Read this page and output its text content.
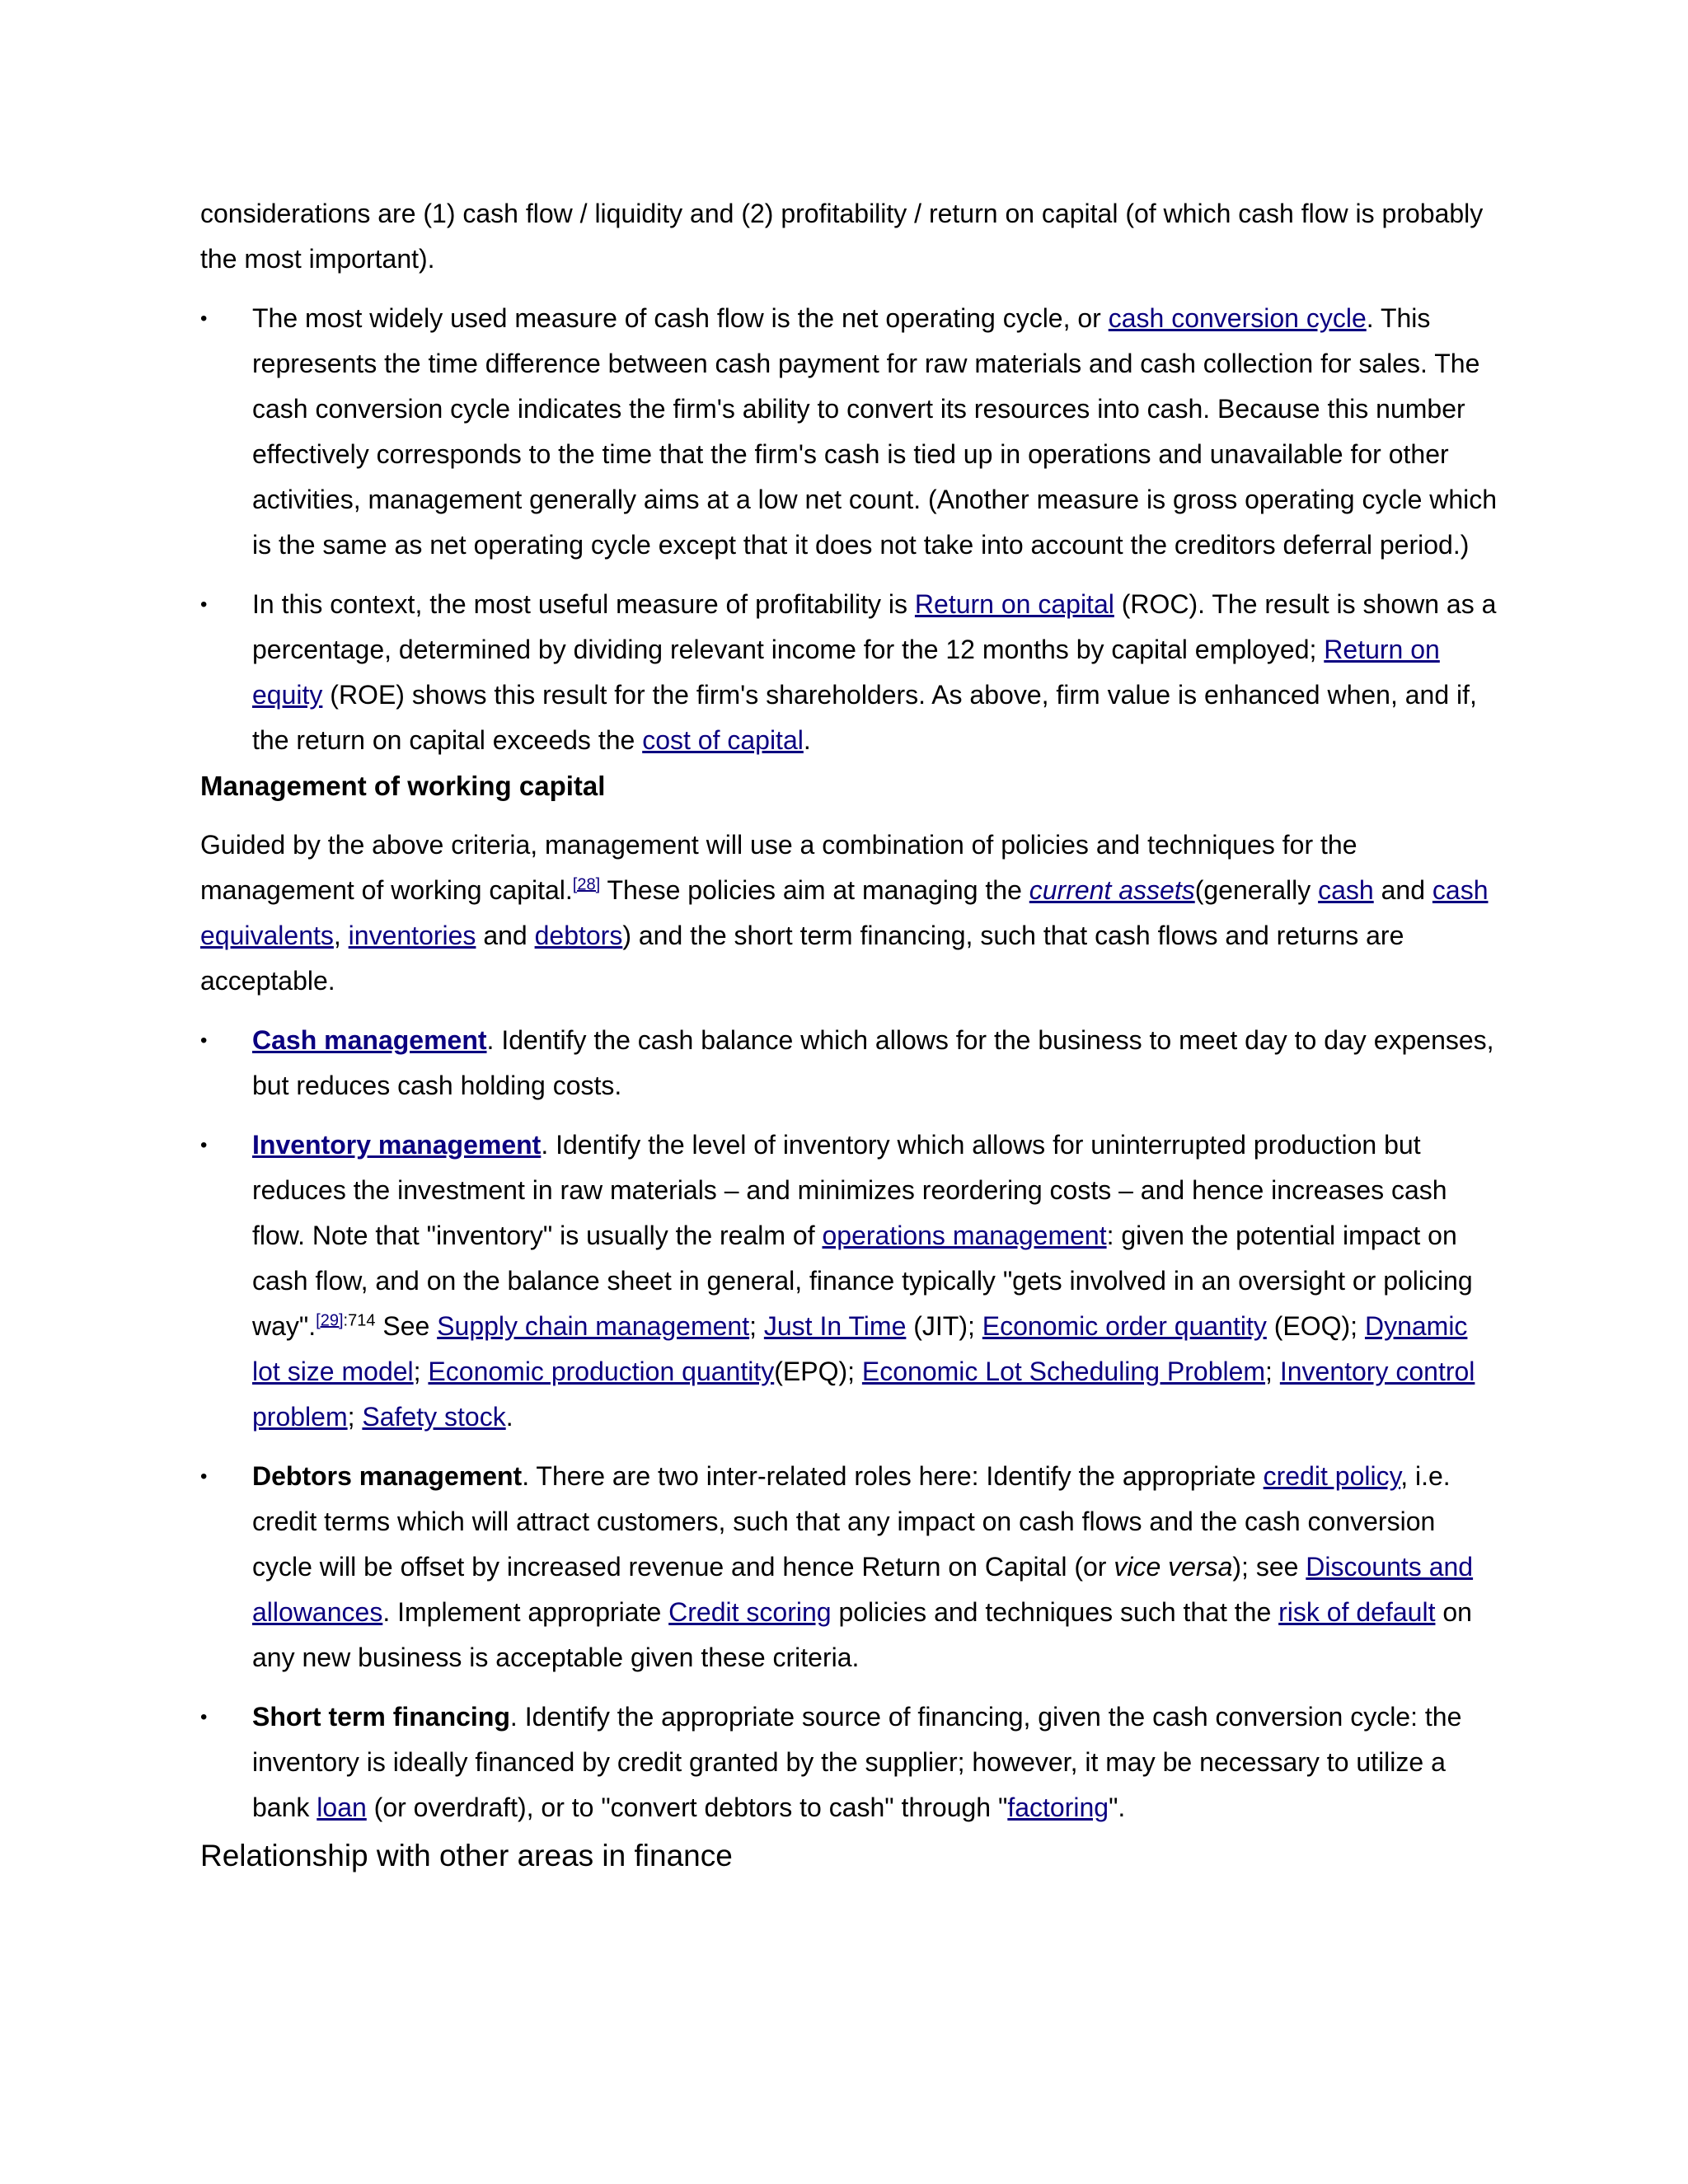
considerations are (1) cash flow / liquidity and (2) profitability / return on capital (of which cash flow is probably the most important).

• The most widely used measure of cash flow is the net operating cycle, or cash conversion cycle. This represents the time difference between cash payment for raw materials and cash collection for sales. The cash conversion cycle indicates the firm's ability to convert its resources into cash. Because this number effectively corresponds to the time that the firm's cash is tied up in operations and unavailable for other activities, management generally aims at a low net count. (Another measure is gross operating cycle which is the same as net operating cycle except that it does not take into account the creditors deferral period.)
• In this context, the most useful measure of profitability is Return on capital (ROC). The result is shown as a percentage, determined by dividing relevant income for the 12 months by capital employed; Return on equity (ROE) shows this result for the firm's shareholders. As above, firm value is enhanced when, and if, the return on capital exceeds the cost of capital.
Management of working capital

Guided by the above criteria, management will use a combination of policies and techniques for the management of working capital.[28] These policies aim at managing the current assets(generally cash and cash equivalents, inventories and debtors) and the short term financing, such that cash flows and returns are acceptable.

• Cash management. Identify the cash balance which allows for the business to meet day to day expenses, but reduces cash holding costs.
• Inventory management. Identify the level of inventory which allows for uninterrupted production but reduces the investment in raw materials – and minimizes reordering costs – and hence increases cash flow. Note that "inventory" is usually the realm of operations management: given the potential impact on cash flow, and on the balance sheet in general, finance typically "gets involved in an oversight or policing way".$^{[29]:714}$ See Supply chain management; Just In Time (JIT); Economic order quantity (EOQ); Dynamic lot size model; Economic production quantity(EPQ); Economic Lot Scheduling Problem; Inventory control problem; Safety stock.
• Debtors management. There are two inter-related roles here: Identify the appropriate credit policy, i.e. credit terms which will attract customers, such that any impact on cash flows and the cash conversion cycle will be offset by increased revenue and hence Return on Capital (or vice versa); see Discounts and allowances. Implement appropriate Credit scoring policies and techniques such that the risk of default on any new business is acceptable given these criteria.
• Short term financing. Identify the appropriate source of financing, given the cash conversion cycle: the inventory is ideally financed by credit granted by the supplier; however, it may be necessary to utilize a bank loan (or overdraft), or to "convert debtors to cash" through "factoring".
Relationship with other areas in finance
